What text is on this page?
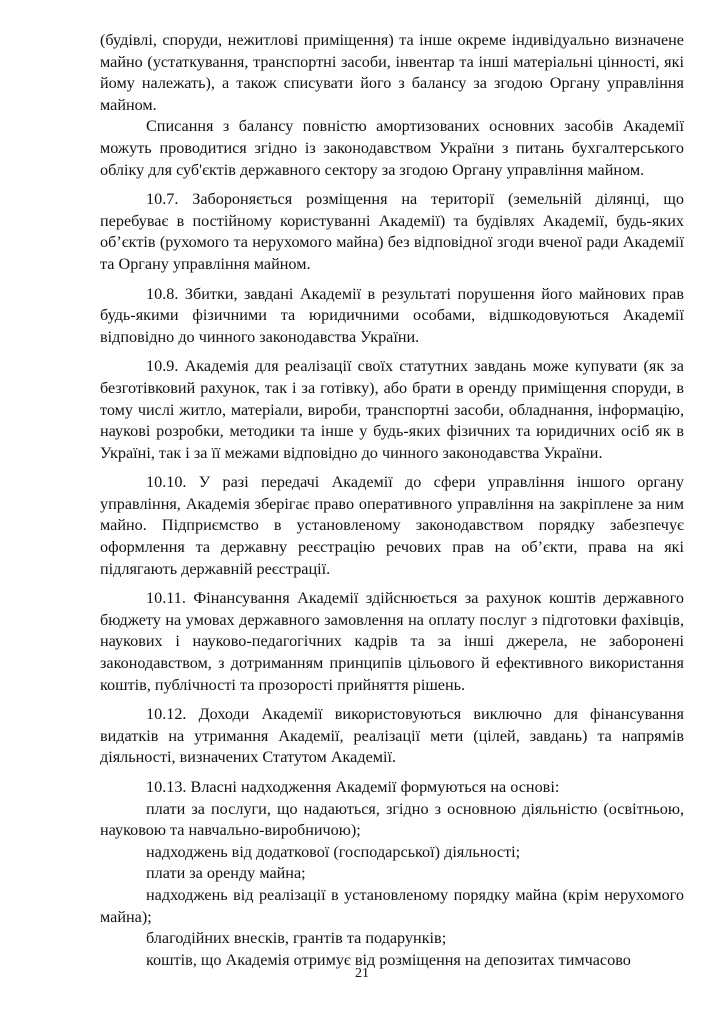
(будівлі, споруди, нежитлові приміщення) та інше окреме індивідуально визначене майно (устаткування, транспортні засоби, інвентар та інші матеріальні цінності, які йому належать), а також списувати його з балансу за згодою Органу управління майном.

Списання з балансу повністю амортизованих основних засобів Академії можуть проводитися згідно із законодавством України з питань бухгалтерського обліку для суб'єктів державного сектору за згодою Органу управління майном.

10.7. Забороняється розміщення на території (земельній ділянці, що перебуває в постійному користуванні Академії) та будівлях Академії, будь-яких об’єктів (рухомого та нерухомого майна) без відповідної згоди вченої ради Академії та Органу управління майном.

10.8. Збитки, завдані Академії в результаті порушення його майнових прав будь-якими фізичними та юридичними особами, відшкодовуються Академії відповідно до чинного законодавства України.

10.9. Академія для реалізації своїх статутних завдань може купувати (як за безготівковий рахунок, так і за готівку), або брати в оренду приміщення споруди, в тому числі житло, матеріали, вироби, транспортні засоби, обладнання, інформацію, наукові розробки, методики та інше у будь-яких фізичних та юридичних осіб як в Україні, так і за її межами відповідно до чинного законодавства України.

10.10. У разі передачі Академії до сфери управління іншого органу управління, Академія зберігає право оперативного управління на закріплене за ним майно. Підприємство в установленому законодавством порядку забезпечує оформлення та державну реєстрацію речових прав на об’єкти, права на які підлягають державній реєстрації.

10.11. Фінансування Академії здійснюється за рахунок коштів державного бюджету на умовах державного замовлення на оплату послуг з підготовки фахівців, наукових і науково-педагогічних кадрів та за інші джерела, не заборонені законодавством, з дотриманням принципів цільового й ефективного використання коштів, публічності та прозорості прийняття рішень.

10.12. Доходи Академії використовуються виключно для фінансування видатків на утримання Академії, реалізації мети (цілей, завдань) та напрямів діяльності, визначених Статутом Академії.

10.13. Власні надходження Академії формуються на основі:

плати за послуги, що надаються, згідно з основною діяльністю (освітньою, науковою та навчально-виробничою);

надходжень від додаткової (господарської) діяльності;

плати за оренду майна;

надходжень від реалізації в установленому порядку майна (крім нерухомого майна);

благодійних внесків, грантів та подарунків;

коштів, що Академія отримує від розміщення на депозитах тимчасово

21
